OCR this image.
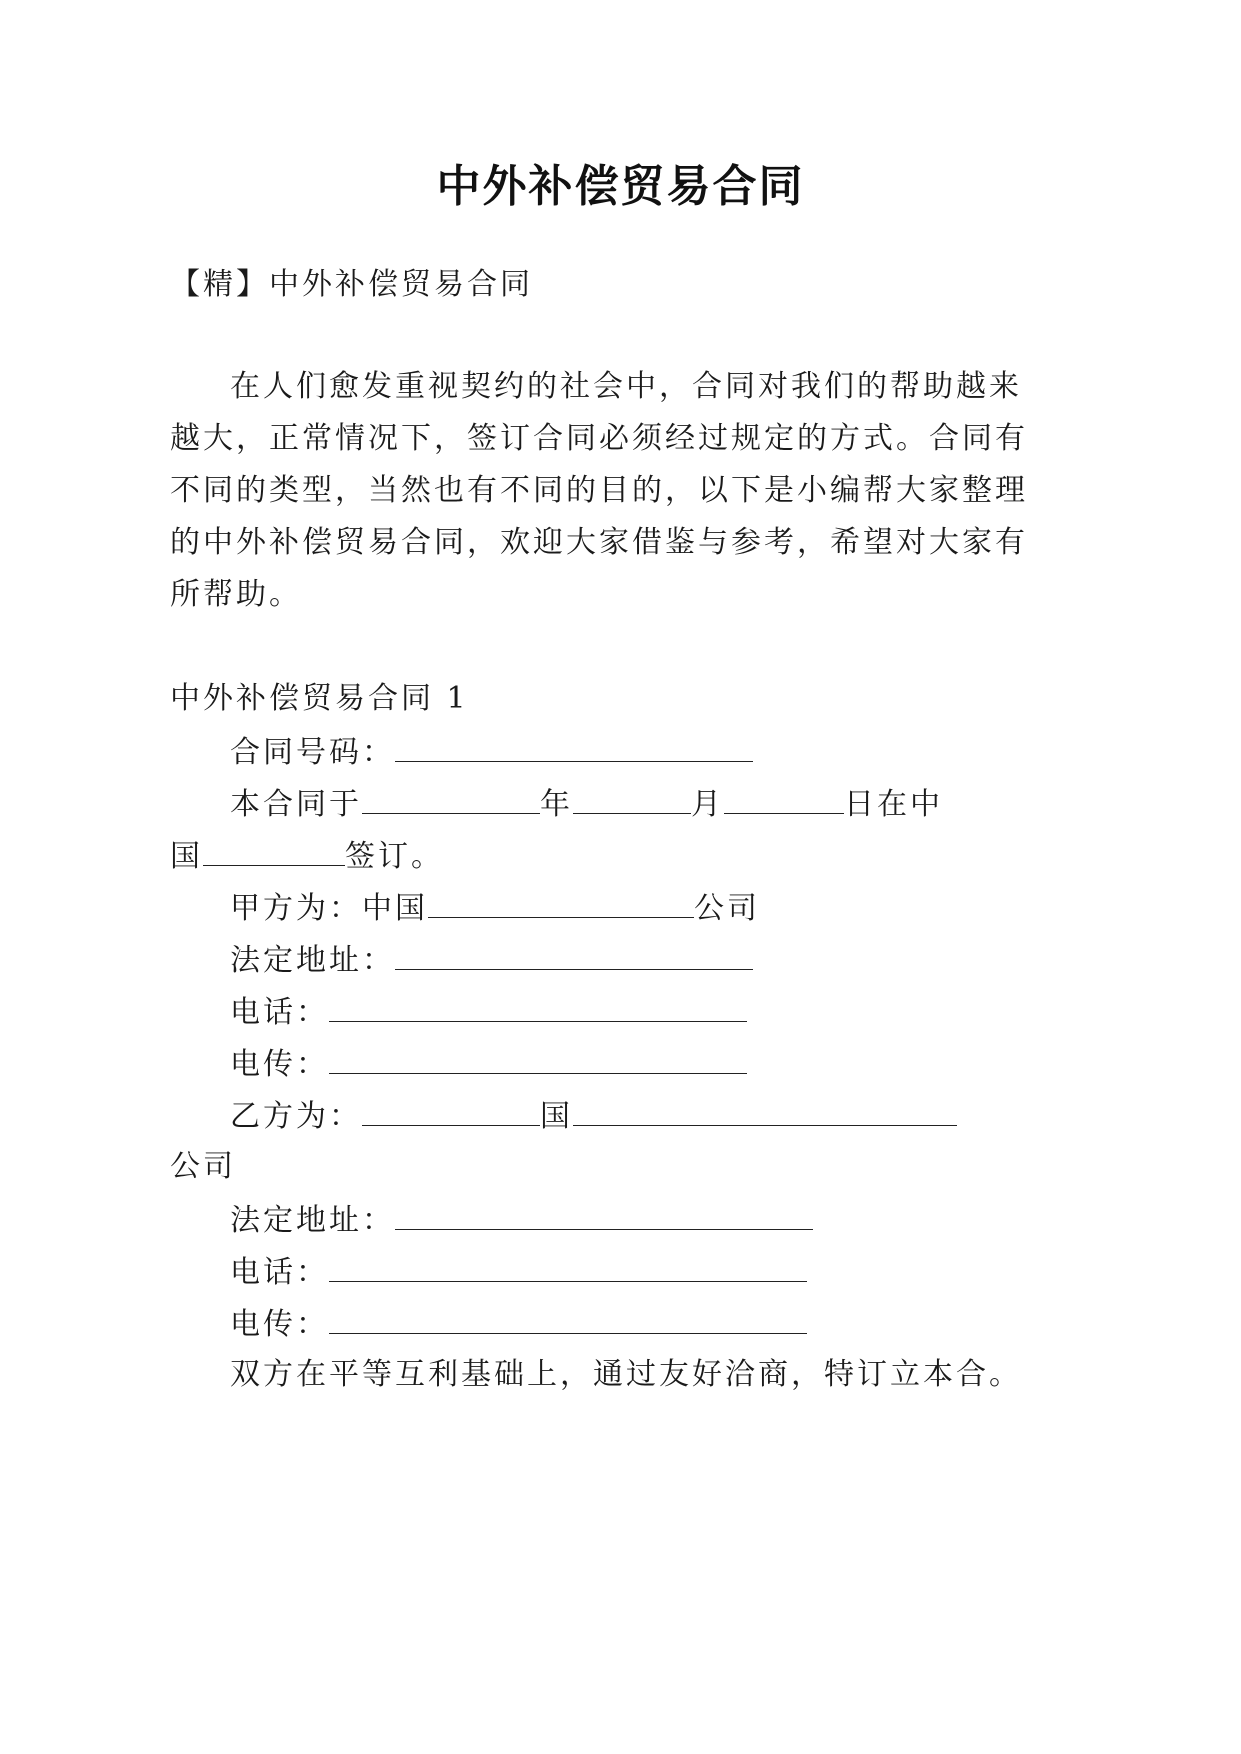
中外补偿贸易合同
【精】中外补偿贸易合同
在人们愈发重视契约的社会中，合同对我们的帮助越来
越大，正常情况下，签订合同必须经过规定的方式。合同有
不同的类型，当然也有不同的目的，以下是小编帮大家整理
的中外补偿贸易合同，欢迎大家借鉴与参考，希望对大家有
所帮助。
中外补偿贸易合同 1
合同号码：
本合同于	年	月	日在中
国	签订。
甲方为：中国	公司
法定地址：
电话：
电传：
乙方为：	国
公司
法定地址：
电话：
电传：
双方在平等互利基础上，通过友好洽商，特订立本合。
